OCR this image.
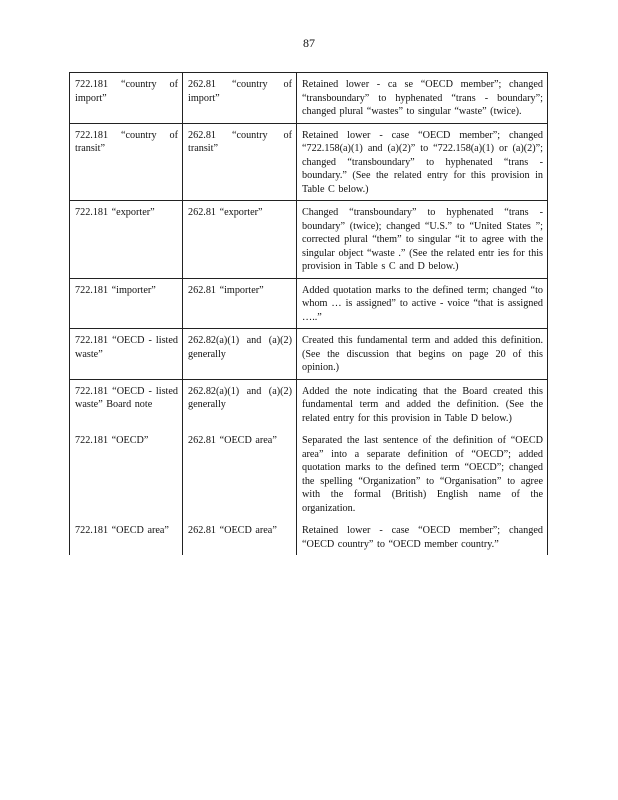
87
722.181 “country of import”	262.81 “country of import”	Retained lower - ca se “OECD member”; changed “transboundary” to hyphenated “trans - boundary”; changed plural “wastes” to singular “waste” (twice).
722.181 “country of transit”	262.81 “country of transit”	Retained lower - case “OECD member”; changed “722.158(a)(1) and (a)(2)” to “722.158(a)(1) or (a)(2)”; changed “transboundary” to hyphenated “trans -boundary.” (See the related entry for this provision in Table C below.)
722.181 “exporter”	262.81 “exporter”	Changed “transboundary” to hyphenated “trans - boundary” (twice); changed “U.S.” to “United States ”; corrected plural “them” to singular “it to agree with the singular object “waste .” (See the related entr ies for this provision in Table s C and D below.)
722.181 “importer”	262.81 “importer”	Added quotation marks to the defined term; changed “to whom … is assigned” to active - voice “that is assigned …..”
722.181 “OECD - listed waste”	262.82(a)(1) and (a)(2) generally	Created this fundamental term and added this definition. (See the discussion that begins on page 20 of this opinion.)
722.181 “OECD - listed waste” Board note	262.82(a)(1) and (a)(2) generally	Added the note indicating that the Board created this fundamental term and added the definition. (See the related entry for this provision in Table D below.)
722.181 “OECD”	262.81 “OECD area”	Separated the last sentence of the definition of “OECD area” into a separate definition of “OECD”; added quotation marks to the defined term “OECD”; changed the spelling “Organization” to “Organisation” to agree with the formal (British) English name of the organization.
722.181 “OECD area”	262.81 “OECD area”	Retained lower - case “OECD member”; changed “OECD country” to “OECD member country.”
